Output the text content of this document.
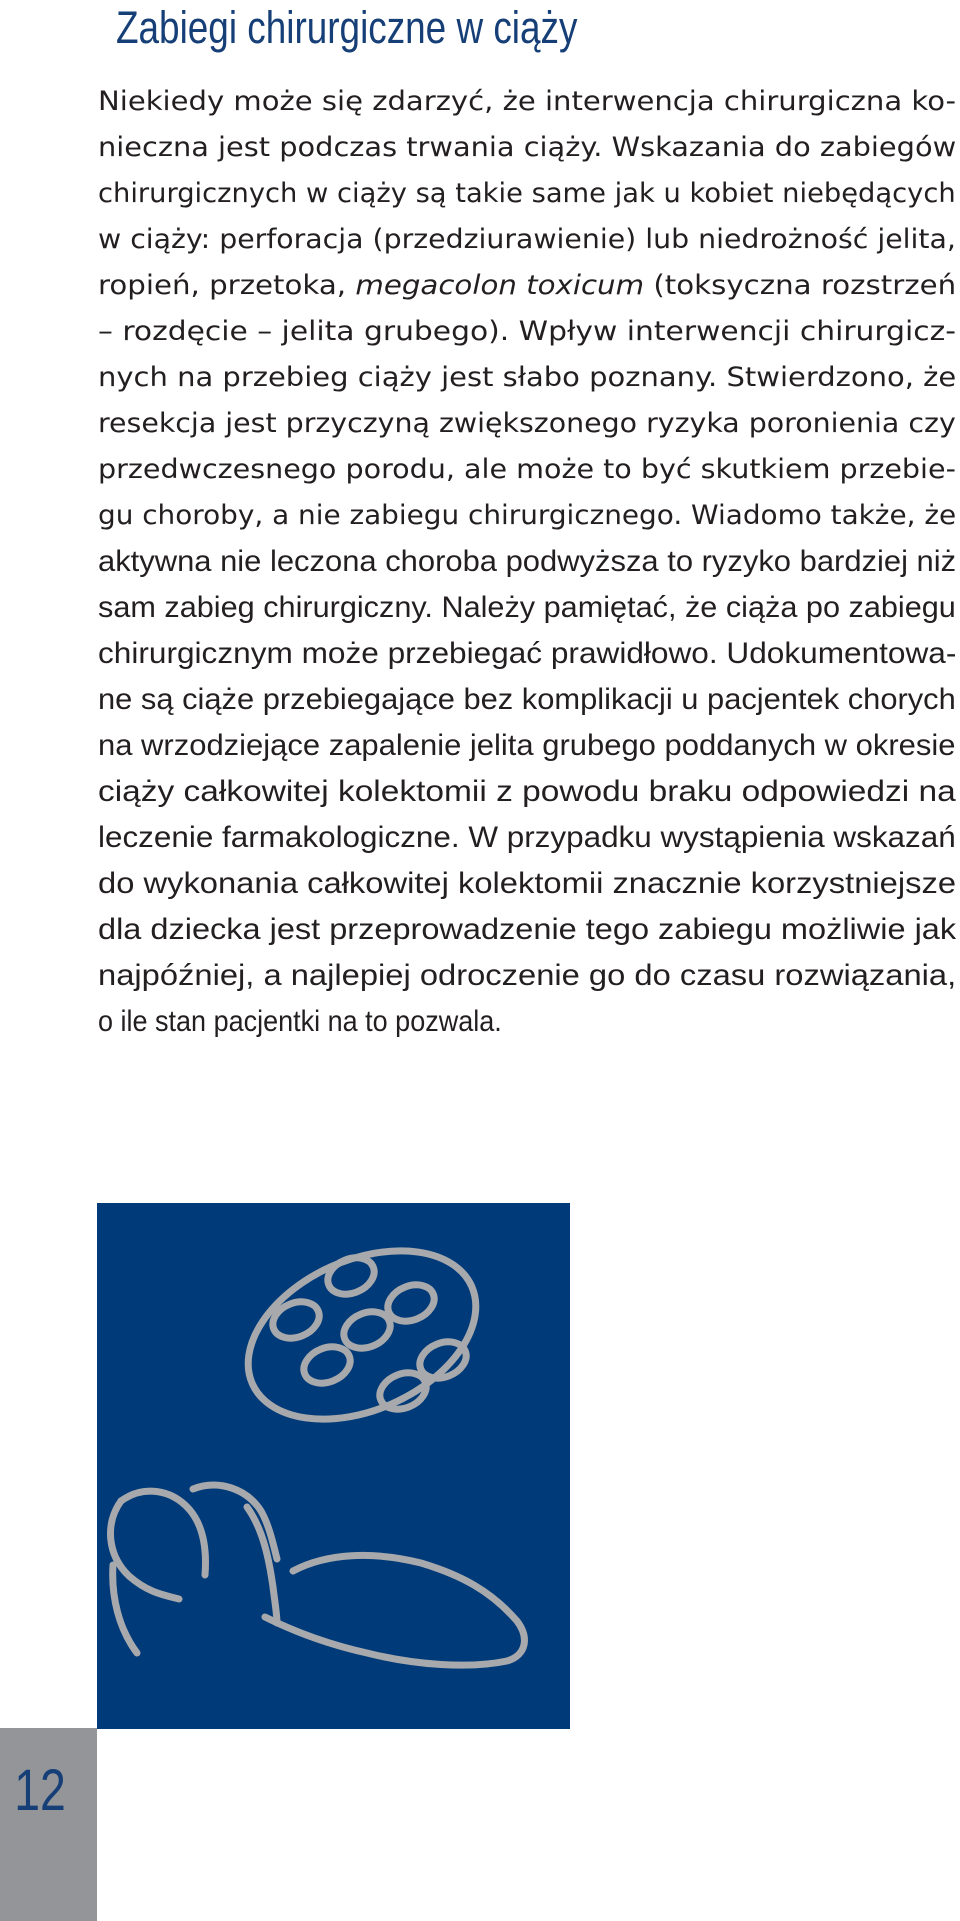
Zabiegi chirurgiczne w ciąży
Niekiedy może się zdarzyć, że interwencja chirurgiczna ko-
nieczna jest podczas trwania ciąży. Wskazania do zabiegów
chirurgicznych w ciąży są takie same jak u kobiet niebędących
w ciąży: perforacja (przedziurawienie) lub niedrożność jelita,
ropień, przetoka, megacolon toxicum (toksyczna rozstrzeń
– rozdęcie – jelita grubego). Wpływ interwencji chirurgicz-
nych na przebieg ciąży jest słabo poznany. Stwierdzono, że
resekcja jest przyczyną zwiększonego ryzyka poronienia czy
przedwczesnego porodu, ale może to być skutkiem przebie-
gu choroby, a nie zabiegu chirurgicznego. Wiadomo także, że
aktywna nie leczona choroba podwyższa to ryzyko bardziej niż
sam zabieg chirurgiczny. Należy pamiętać, że ciąża po zabiegu
chirurgicznym może przebiegać prawidłowo. Udokumentowa-
ne są ciąże przebiegające bez komplikacji u pacjentek chorych
na wrzodziejące zapalenie jelita grubego poddanych w okresie
ciąży całkowitej kolektomii z powodu braku odpowiedzi na
leczenie farmakologiczne. W przypadku wystąpienia wskazań
do wykonania całkowitej kolektomii znacznie korzystniejsze
dla dziecka jest przeprowadzenie tego zabiegu możliwie jak
najpóźniej, a najlepiej odroczenie go do czasu rozwiązania,
o ile stan pacjentki na to pozwala.
12
